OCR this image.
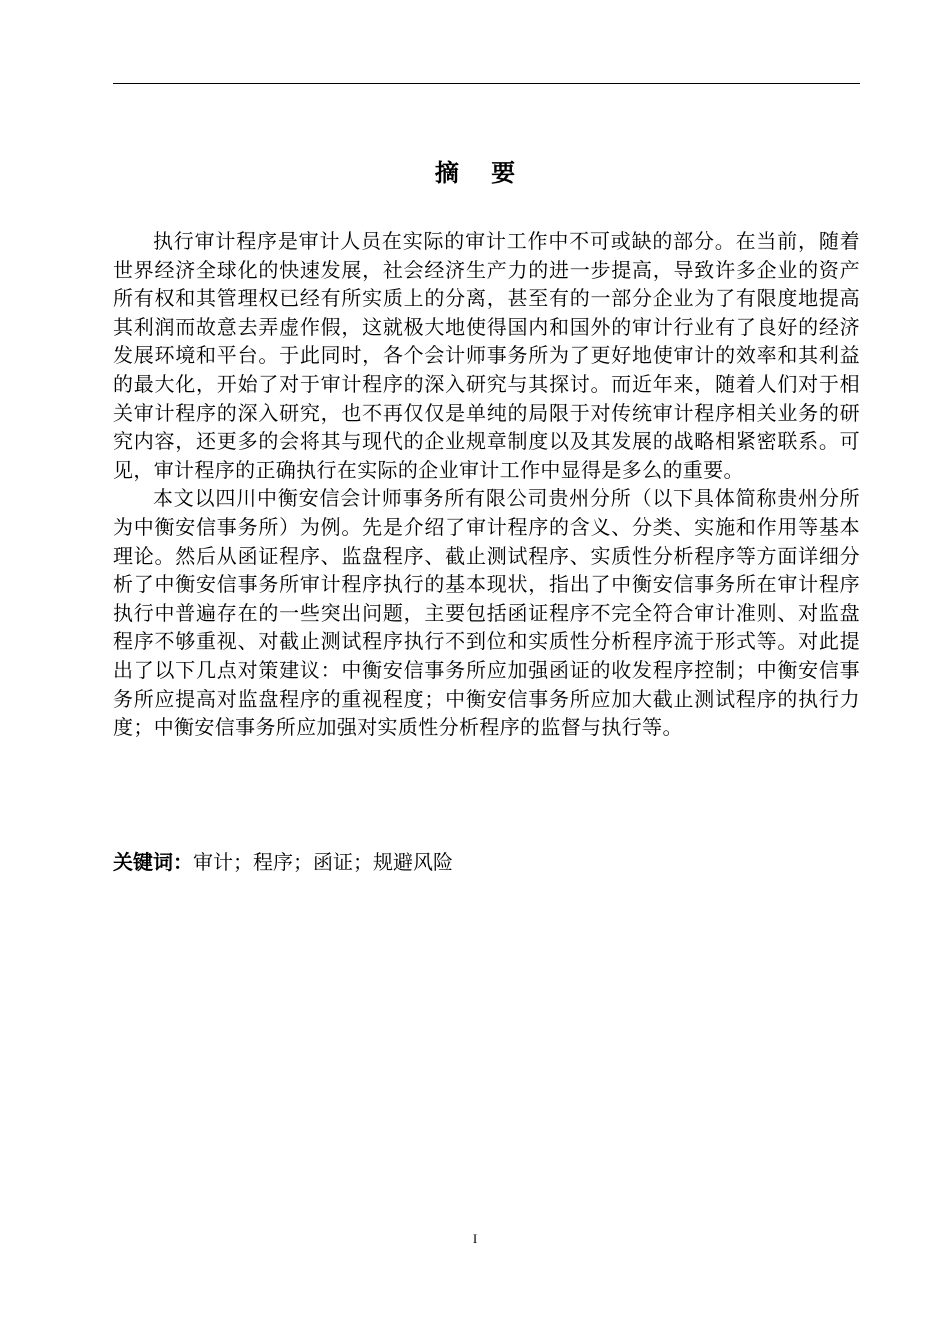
摘 要

执行审计程序是审计人员在实际的审计工作中不可或缺的部分。在当前，随着世界经济全球化的快速发展，社会经济生产力的进一步提高，导致许多企业的资产所有权和其管理权已经有所实质上的分离，甚至有的一部分企业为了有限度地提高其利润而故意去弄虚作假，这就极大地使得国内和国外的审计行业有了良好的经济发展环境和平台。于此同时，各个会计师事务所为了更好地使审计的效率和其利益的最大化，开始了对于审计程序的深入研究与其探讨。而近年来，随着人们对于相关审计程序的深入研究，也不再仅仅是单纯的局限于对传统审计程序相关业务的研究内容，还更多的会将其与现代的企业规章制度以及其发展的战略相紧密联系。可见，审计程序的正确执行在实际的企业审计工作中显得是多么的重要。

本文以四川中衡安信会计师事务所有限公司贵州分所（以下具体简称贵州分所为中衡安信事务所）为例。先是介绍了审计程序的含义、分类、实施和作用等基本理论。然后从函证程序、监盘程序、截止测试程序、实质性分析程序等方面详细分析了中衡安信事务所审计程序执行的基本现状，指出了中衡安信事务所在审计程序执行中普遍存在的一些突出问题，主要包括函证程序不完全符合审计准则、对监盘程序不够重视、对截止测试程序执行不到位和实质性分析程序流于形式等。对此提出了以下几点对策建议：中衡安信事务所应加强函证的收发程序控制；中衡安信事务所应提高对监盘程序的重视程度；中衡安信事务所应加大截止测试程序的执行力度；中衡安信事务所应加强对实质性分析程序的监督与执行等。

关键词：审计；程序；函证；规避风险
I
